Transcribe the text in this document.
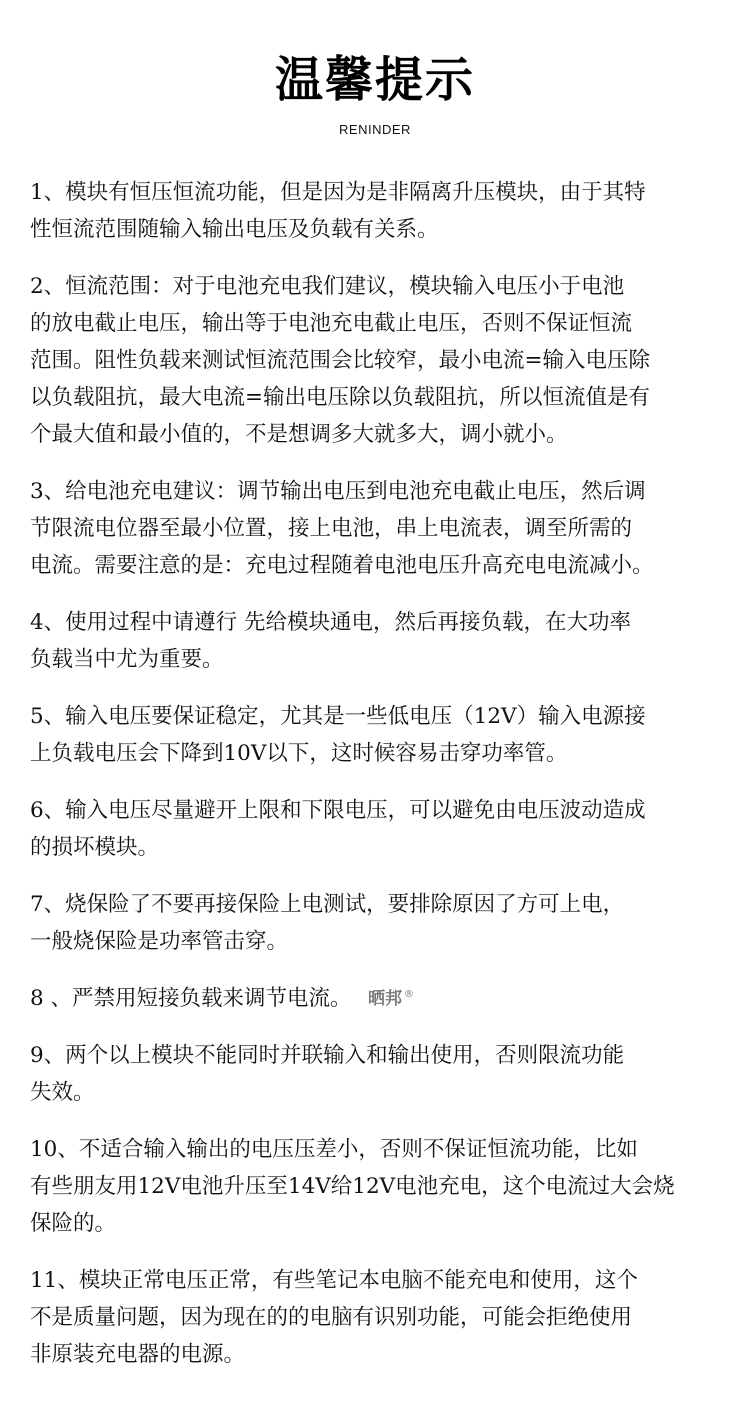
温馨提示
RENINDER
1、模块有恒压恒流功能，但是因为是非隔离升压模块，由于其特
性恒流范围随输入输出电压及负载有关系。
2、恒流范围：对于电池充电我们建议，模块输入电压小于电池
的放电截止电压，输出等于电池充电截止电压，否则不保证恒流
范围。阻性负载来测试恒流范围会比较窄，最小电流=输入电压除
以负载阻抗，最大电流=输出电压除以负载阻抗，所以恒流值是有
个最大值和最小值的，不是想调多大就多大，调小就小。
3、给电池充电建议：调节输出电压到电池充电截止电压，然后调
节限流电位器至最小位置，接上电池，串上电流表，调至所需的
电流。需要注意的是：充电过程随着电池电压升高充电电流减小。
4、使用过程中请遵行 先给模块通电，然后再接负载，在大功率
负载当中尤为重要。
5、输入电压要保证稳定，尤其是一些低电压（12V）输入电源接
上负载电压会下降到10V以下，这时候容易击穿功率管。
6、输入电压尽量避开上限和下限电压，可以避免由电压波动造成
的损坏模块。
7、烧保险了不要再接保险上电测试，要排除原因了方可上电，
一般烧保险是功率管击穿。
8 、严禁用短接负载来调节电流。
9、两个以上模块不能同时并联输入和输出使用，否则限流功能
失效。
10、不适合输入输出的电压压差小，否则不保证恒流功能，比如
有些朋友用12V电池升压至14V给12V电池充电，这个电流过大会烧
保险的。
11、模块正常电压正常，有些笔记本电脑不能充电和使用，这个
不是质量问题，因为现在的的电脑有识别功能，可能会拒绝使用
非原装充电器的电源。
晒邦 ®
